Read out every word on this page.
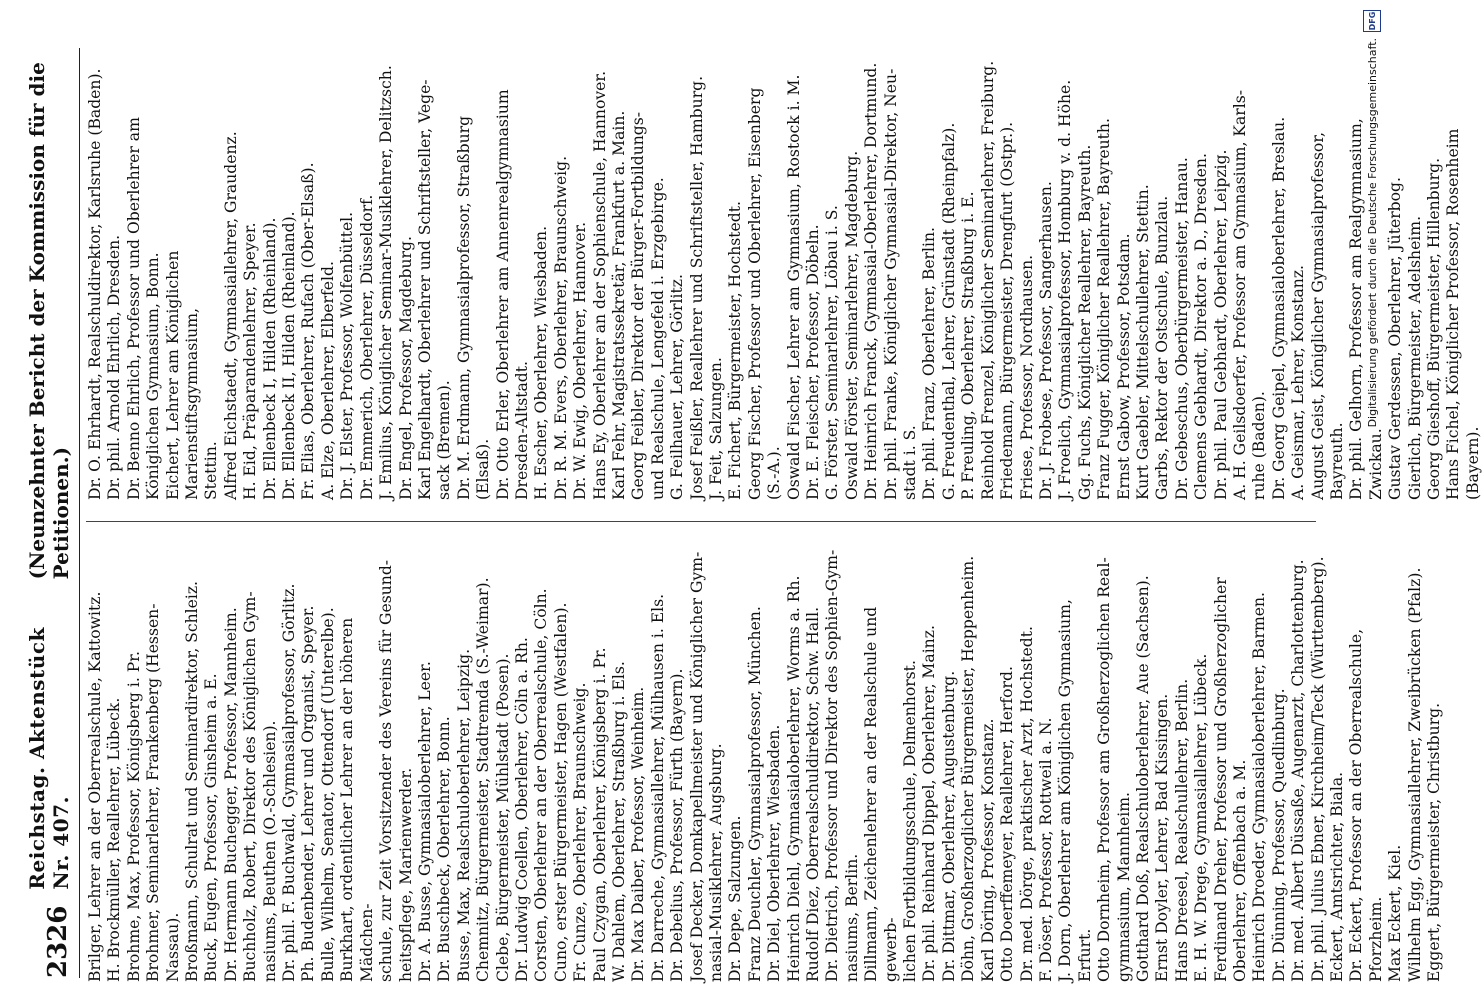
2326
Reichstag. Aktenstück Nr. 407.
(Neunzehnter Bericht der Kommission für die Petitionen.)

Brilger, Lehrer an der Oberrealschule, Kattowitz. H. Brockmüller, Reallehrer, Lübeck. Brohme, Max, Professor, Königsberg i. Pr. Brohmer, Seminarlehrer, Frankenberg (Hessen-Nassau). Broßmann, Schulrat und Seminardirektor, Schleiz. Buck, Eugen, Professor, Ginsheim a. E. Dr. Hermann Buchegger, Professor, Mannheim. Buchholz, Robert, Direktor des Königlichen Gym- nasiums, Beuthen (O.-Schlesien). Dr. phil. F. Buchwald, Gymnasialprofessor, Görlitz. Ph. Budenbender, Lehrer und Organist, Speyer. Bulle, Wilhelm, Senator, Ottendorf (Unterelbe). Burkhart, ordentlicher Lehrer an der höheren Mädchen- schule, zur Zeit Vorsitzender des Vereins für Gesund- heitspflege, Marienwerder. Dr. A. Busse, Gymnasialoberlehrer, Leer. Dr. Buschbeck, Oberlehrer, Bonn. Busse, Max, Realschuloberlehrer, Leipzig. Chemnitz, Bürgermeister, Stadtremda (S.-Weimar). Clebe, Bürgermeister, Mühlstadt (Posen). Dr. Ludwig Coellen, Oberlehrer, Cöln a. Rh. Corsten, Oberlehrer an der Oberrealschule, Cöln. Cuno, erster Bürgermeister, Hagen (Westfalen). Fr. Cunze, Oberlehrer, Braunschweig. Paul Czygan, Oberlehrer, Königsberg i. Pr. W. Dahlem, Oberlehrer, Straßburg i. Els. Dr. Max Daiber, Professor, Weinheim. Dr. Darreche, Gymnasiallehrer, Mülhausen i. Els. Dr. Debelius, Professor, Fürth (Bayern). Josef Decker, Domkapellmeister und Königlicher Gym- nasial-Musiklehrer, Augsburg. Dr. Depe, Salzungen. Franz Deuchler, Gymnasialprofessor, München. Dr. Diel, Oberlehrer, Wiesbaden. Heinrich Diehl, Gymnasialoberlehrer, Worms a. Rh. Rudolf Diez, Oberrealschuldirektor, Schw. Hall. Dr. Dietrich, Professor und Direktor des Sophien-Gym- nasiums, Berlin. Dillmann, Zeichenlehrer an der Realschule und gewerb- lichen Fortbildungsschule, Delmenhorst. Dr. phil. Reinhard Dippel, Oberlehrer, Mainz. Dr. Dittmar, Oberlehrer, Augustenburg. Döhn, Großherzoglicher Bürgermeister, Heppenheim. Karl Döring, Professor, Konstanz. Otto Doerffemeyer, Reallehrer, Herford. Dr. med. Dörge, praktischer Arzt, Hochstedt. F. Döser, Professor, Rottweil a. N. J. Dorn, Oberlehrer am Königlichen Gymnasium, Erfurt. Otto Dornheim, Professor am Großherzoglichen Real- gymnasium, Mannheim. Gotthard Doß, Realschuloberlehrer, Aue (Sachsen). Ernst Doyler, Lehrer, Bad Kissingen. Hans Dreesel, Realschullehrer, Berlin. E. H. W. Drege, Gymnasiallehrer, Lübeck. Ferdinand Dreher, Professor und Großherzoglicher Oberlehrer, Offenbach a. M. Heinrich Droeder, Gymnasialoberlehrer, Barmen. Dr. Dünning, Professor, Quedlinburg. Dr. med. Albert Düssaße, Augenarzt, Charlottenburg. Dr. phil. Julius Ebner, Kirchheim/Teck (Württemberg). Eckert, Amtsrichter, Biala. Dr. Eckert, Professor an der Oberrealschule, Pforzheim. Max Eckert, Kiel. Wilhelm Egg, Gymnasiallehrer, Zweibrücken (Pfalz). Eggert, Bürgermeister, Christburg.

Dr. O. Ehrhardt, Realschuldirektor, Karlsruhe (Baden). Dr. phil. Arnold Ehrlich, Dresden. Dr. Benno Ehrlich, Professor und Oberlehrer am Königlichen Gymnasium, Bonn. Eichert, Lehrer am Königlichen Marienstiftsgymnasium, Stettin. Alfred Eichstaedt, Gymnasiallehrer, Graudenz. H. Eid, Präparandenlehrer, Speyer. Dr. Ellenbeck I, Hilden (Rheinland). Dr. Ellenbeck II, Hilden (Rheinland). Fr. Elias, Oberlehrer, Rufach (Ober-Elsaß). A. Elze, Oberlehrer, Elberfeld. Dr. J. Elster, Professor, Wolfenbüttel. Dr. Emmerich, Oberlehrer, Düsseldorf. J. Emilius, Königlicher Seminar-Musiklehrer, Delitzsch. Dr. Engel, Professor, Magdeburg. Karl Engelhardt, Oberlehrer und Schriftsteller, Vege- sack (Bremen). Dr. M. Erdmann, Gymnasialprofessor, Straßburg (Elsaß). Dr. Otto Erler, Oberlehrer am Annenrealgymnasium Dresden-Altstadt. H. Escher, Oberlehrer, Wiesbaden. Dr. R. M. Evers, Oberlehrer, Braunschweig. Dr. W. Ewig, Oberlehrer, Hannover. Hans Ey, Oberlehrer an der Sophienschule, Hannover. Karl Fehr, Magistratssekretär, Frankfurt a. Main. Georg Feibler, Direktor der Bürger-Fortbildungs- und Realschule, Lengefeld i. Erzgebirge. G. Feilhauer, Lehrer, Görlitz. Josef Feißler, Reallehrer und Schriftsteller, Hamburg. J. Feit, Salzungen. E. Fichert, Bürgermeister, Hochstedt. Georg Fischer, Professor und Oberlehrer, Eisenberg (S.-A.). Oswald Fischer, Lehrer am Gymnasium, Rostock i. M. Dr. E. Fleischer, Professor, Döbeln. G. Förster, Seminarlehrer, Löbau i. S. Oswald Förster, Seminarlehrer, Magdeburg. Dr. Heinrich Franck, Gymnasial-Oberlehrer, Dortmund. Dr. phil. Franke, Königlicher Gymnasial-Direktor, Neu- stadt i. S. Dr. phil. Franz, Oberlehrer, Berlin. G. Freudenthal, Lehrer, Grünstadt (Rheinpfalz). P. Freuling, Oberlehrer, Straßburg i. E. Reinhold Frenzel, Königlicher Seminarlehrer, Freiburg. Friedemann, Bürgermeister, Drengfurt (Ostpr.). Friese, Professor, Nordhausen. Dr. J. Frobese, Professor, Sangerhausen. J. Froelich, Gymnasialprofessor, Homburg v. d. Höhe. Gg. Fuchs, Königlicher Reallehrer, Bayreuth. Franz Fugger, Königlicher Reallehrer, Bayreuth. Ernst Gabow, Professor, Potsdam. Kurt Gaebler, Mittelschullehrer, Stettin. Garbs, Rektor der Ostschule, Bunzlau. Dr. Gebeschus, Oberbürgermeister, Hanau. Clemens Gebhardt, Direktor a. D., Dresden. Dr. phil. Paul Gebhardt, Oberlehrer, Leipzig. A. H. Geilsdoerfer, Professor am Gymnasium, Karls- ruhe (Baden). Dr. Georg Geipel, Gymnasialoberlehrer, Breslau. A. Geismar, Lehrer, Konstanz. August Geist, Königlicher Gymnasialprofessor, Bayreuth. Dr. phil. Gelhorn, Professor am Realgymnasium, Zwickau. Gustav Gerdessen, Oberlehrer, Jüterbog. Gierlich, Bürgermeister, Adelsheim. Georg Gieshoff, Bürgermeister, Hillenburg. Hans Fichel, Königlicher Professor, Rosenheim (Bayern).

Digitalisierung gefördert durch die Deutsche Forschungsgemeinschaft.
DFG
